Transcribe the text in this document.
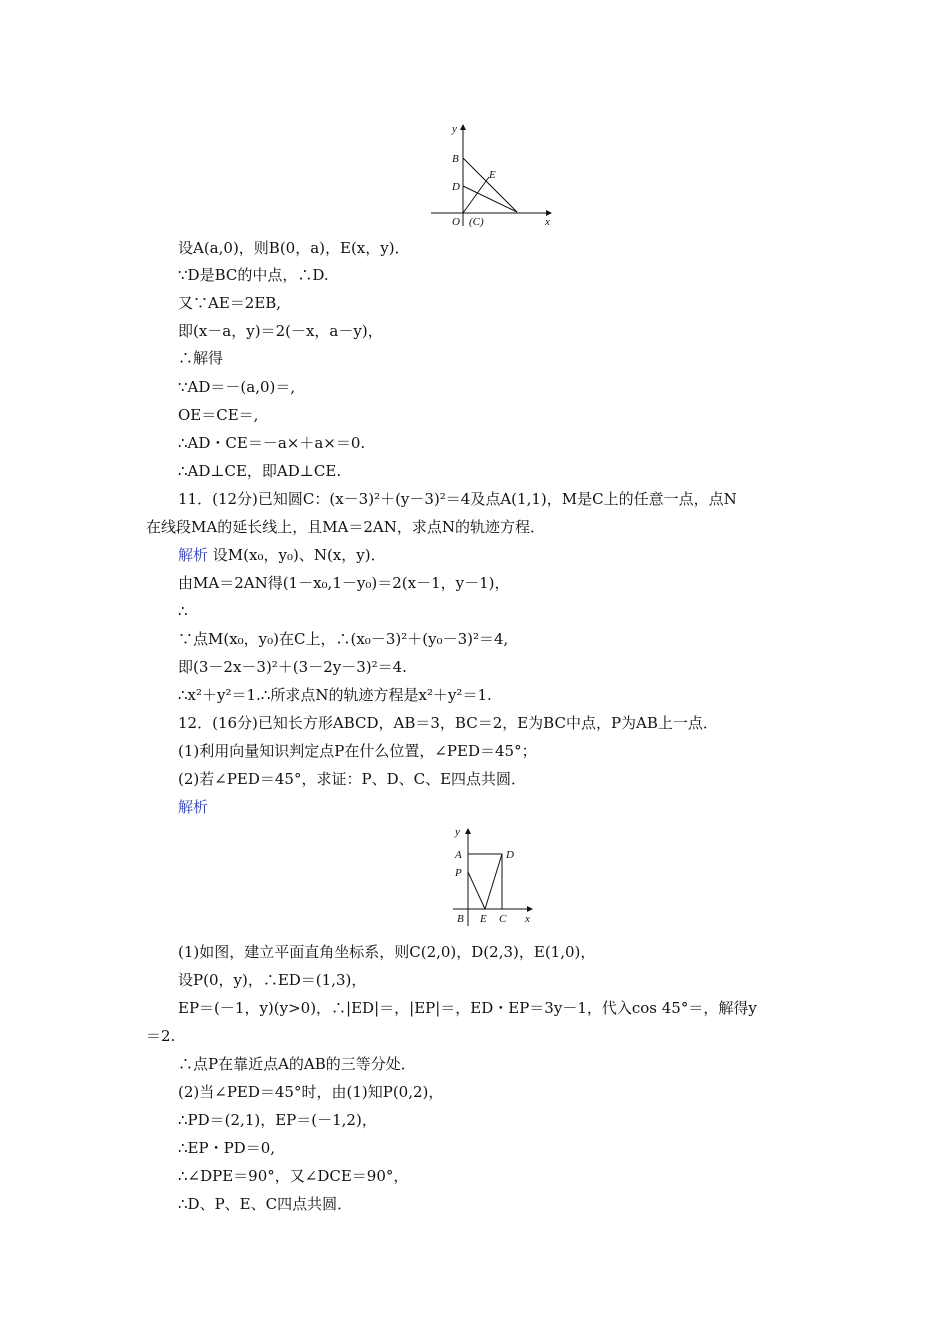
y
B
D
E
O (C)	x
设A(a,0)，则B(0，a)，E(x，y)．
∵D是BC的中点，∴D.
又∵AE＝2EB,
即(x－a，y)＝2(－x，a－y)，
∴解得
∵AD＝－(a,0)＝,
OE＝CE＝,
∴AD・CE＝－a×＋a×＝0.
∴AD⊥CE，即AD⊥CE.
11．(12分)已知圆C：(x－3)²＋(y－3)²＝4及点A(1,1)，M是C上的任意一点，点N
在线段MA的延长线上，且MA＝2AN，求点N的轨迹方程．
解析 设M(x₀，y₀)、N(x，y)．
由MA＝2AN得(1－x₀,1－y₀)＝2(x－1，y－1)，
∴
∵点M(x₀，y₀)在C上，∴(x₀－3)²＋(y₀－3)²＝4,
即(3－2x－3)²＋(3－2y－3)²＝4.
∴x²＋y²＝1.∴所求点N的轨迹方程是x²＋y²＝1.
12．(16分)已知长方形ABCD，AB＝3，BC＝2，E为BC中点，P为AB上一点．
(1)利用向量知识判定点P在什么位置，∠PED＝45°；
(2)若∠PED＝45°，求证：P、D、C、E四点共圆．
解析
y
A	D
P
B E C x
(1)如图，建立平面直角坐标系，则C(2,0)，D(2,3)，E(1,0)，
设P(0，y)，∴ED＝(1,3)，
EP＝(－1，y)(y>0)，∴|ED|＝，|EP|＝，ED・EP＝3y－1，代入cos 45°＝，解得y
＝2.
∴点P在靠近点A的AB的三等分处．
(2)当∠PED＝45°时，由(1)知P(0,2)，
∴PD＝(2,1)，EP＝(－1,2)，
∴EP・PD＝0,
∴∠DPE＝90°，又∠DCE＝90°，
∴D、P、E、C四点共圆．
